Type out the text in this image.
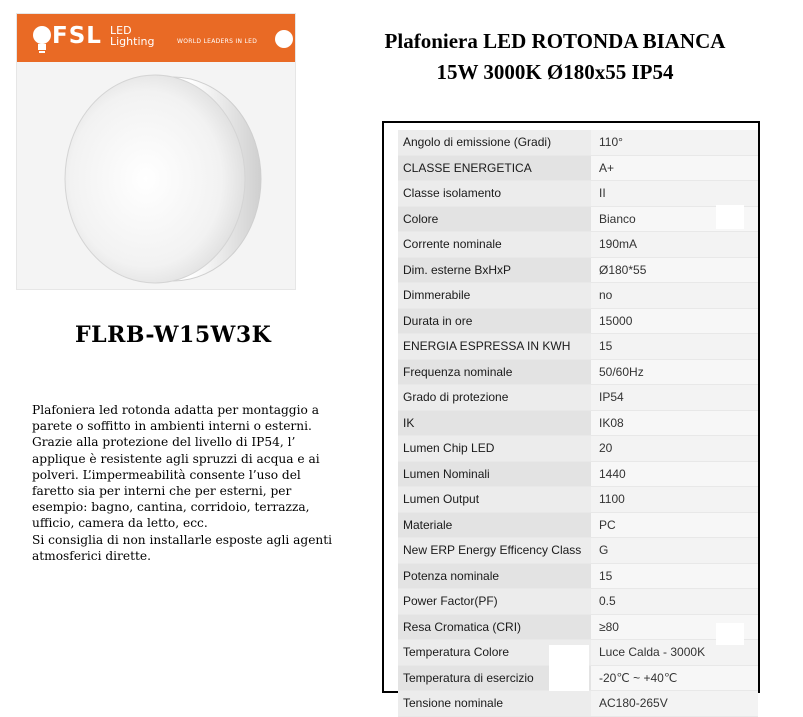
FSL LED
Lighting	WORLD LEADERS IN LED
FLRB-W15W3K

Plafoniera led rotonda adatta per montaggio a

parete o soffitto in ambienti interni o esterni.

Grazie alla protezione del livello di IP54, l’

applique è resistente agli spruzzi di acqua e ai

polveri. L’impermeabilità consente l’uso del

faretto sia per interni che per esterni, per

esempio: bagno, cantina, corridoio, terrazza,

ufficio, camera da letto, ecc.

Si consiglia di non installarle esposte agli agenti

atmosferici dirette.

Plafoniera LED ROTONDA BIANCA
15W 3000K Ø180x55 IP54
Angolo di emissione (Gradi)	110°
CLASSE ENERGETICA	A+
Classe isolamento	II
Colore	Bianco
Corrente nominale	190mA
Dim. esterne BxHxP	Ø180*55
Dimmerabile	no
Durata in ore	15000
ENERGIA ESPRESSA IN KWH	15
Frequenza nominale	50/60Hz
Grado di protezione	IP54
IK	IK08
Lumen Chip LED	20
Lumen Nominali	1440
Lumen Output	1100
Materiale	PC
New ERP Energy Efficency Class	G
Potenza nominale	15
Power Factor(PF)	0.5
Resa Cromatica (CRI)	≥80
Temperatura Colore	Luce Calda - 3000K
Temperatura di esercizio	-20℃ ~ +40℃
Tensione nominale	AC180-265V
